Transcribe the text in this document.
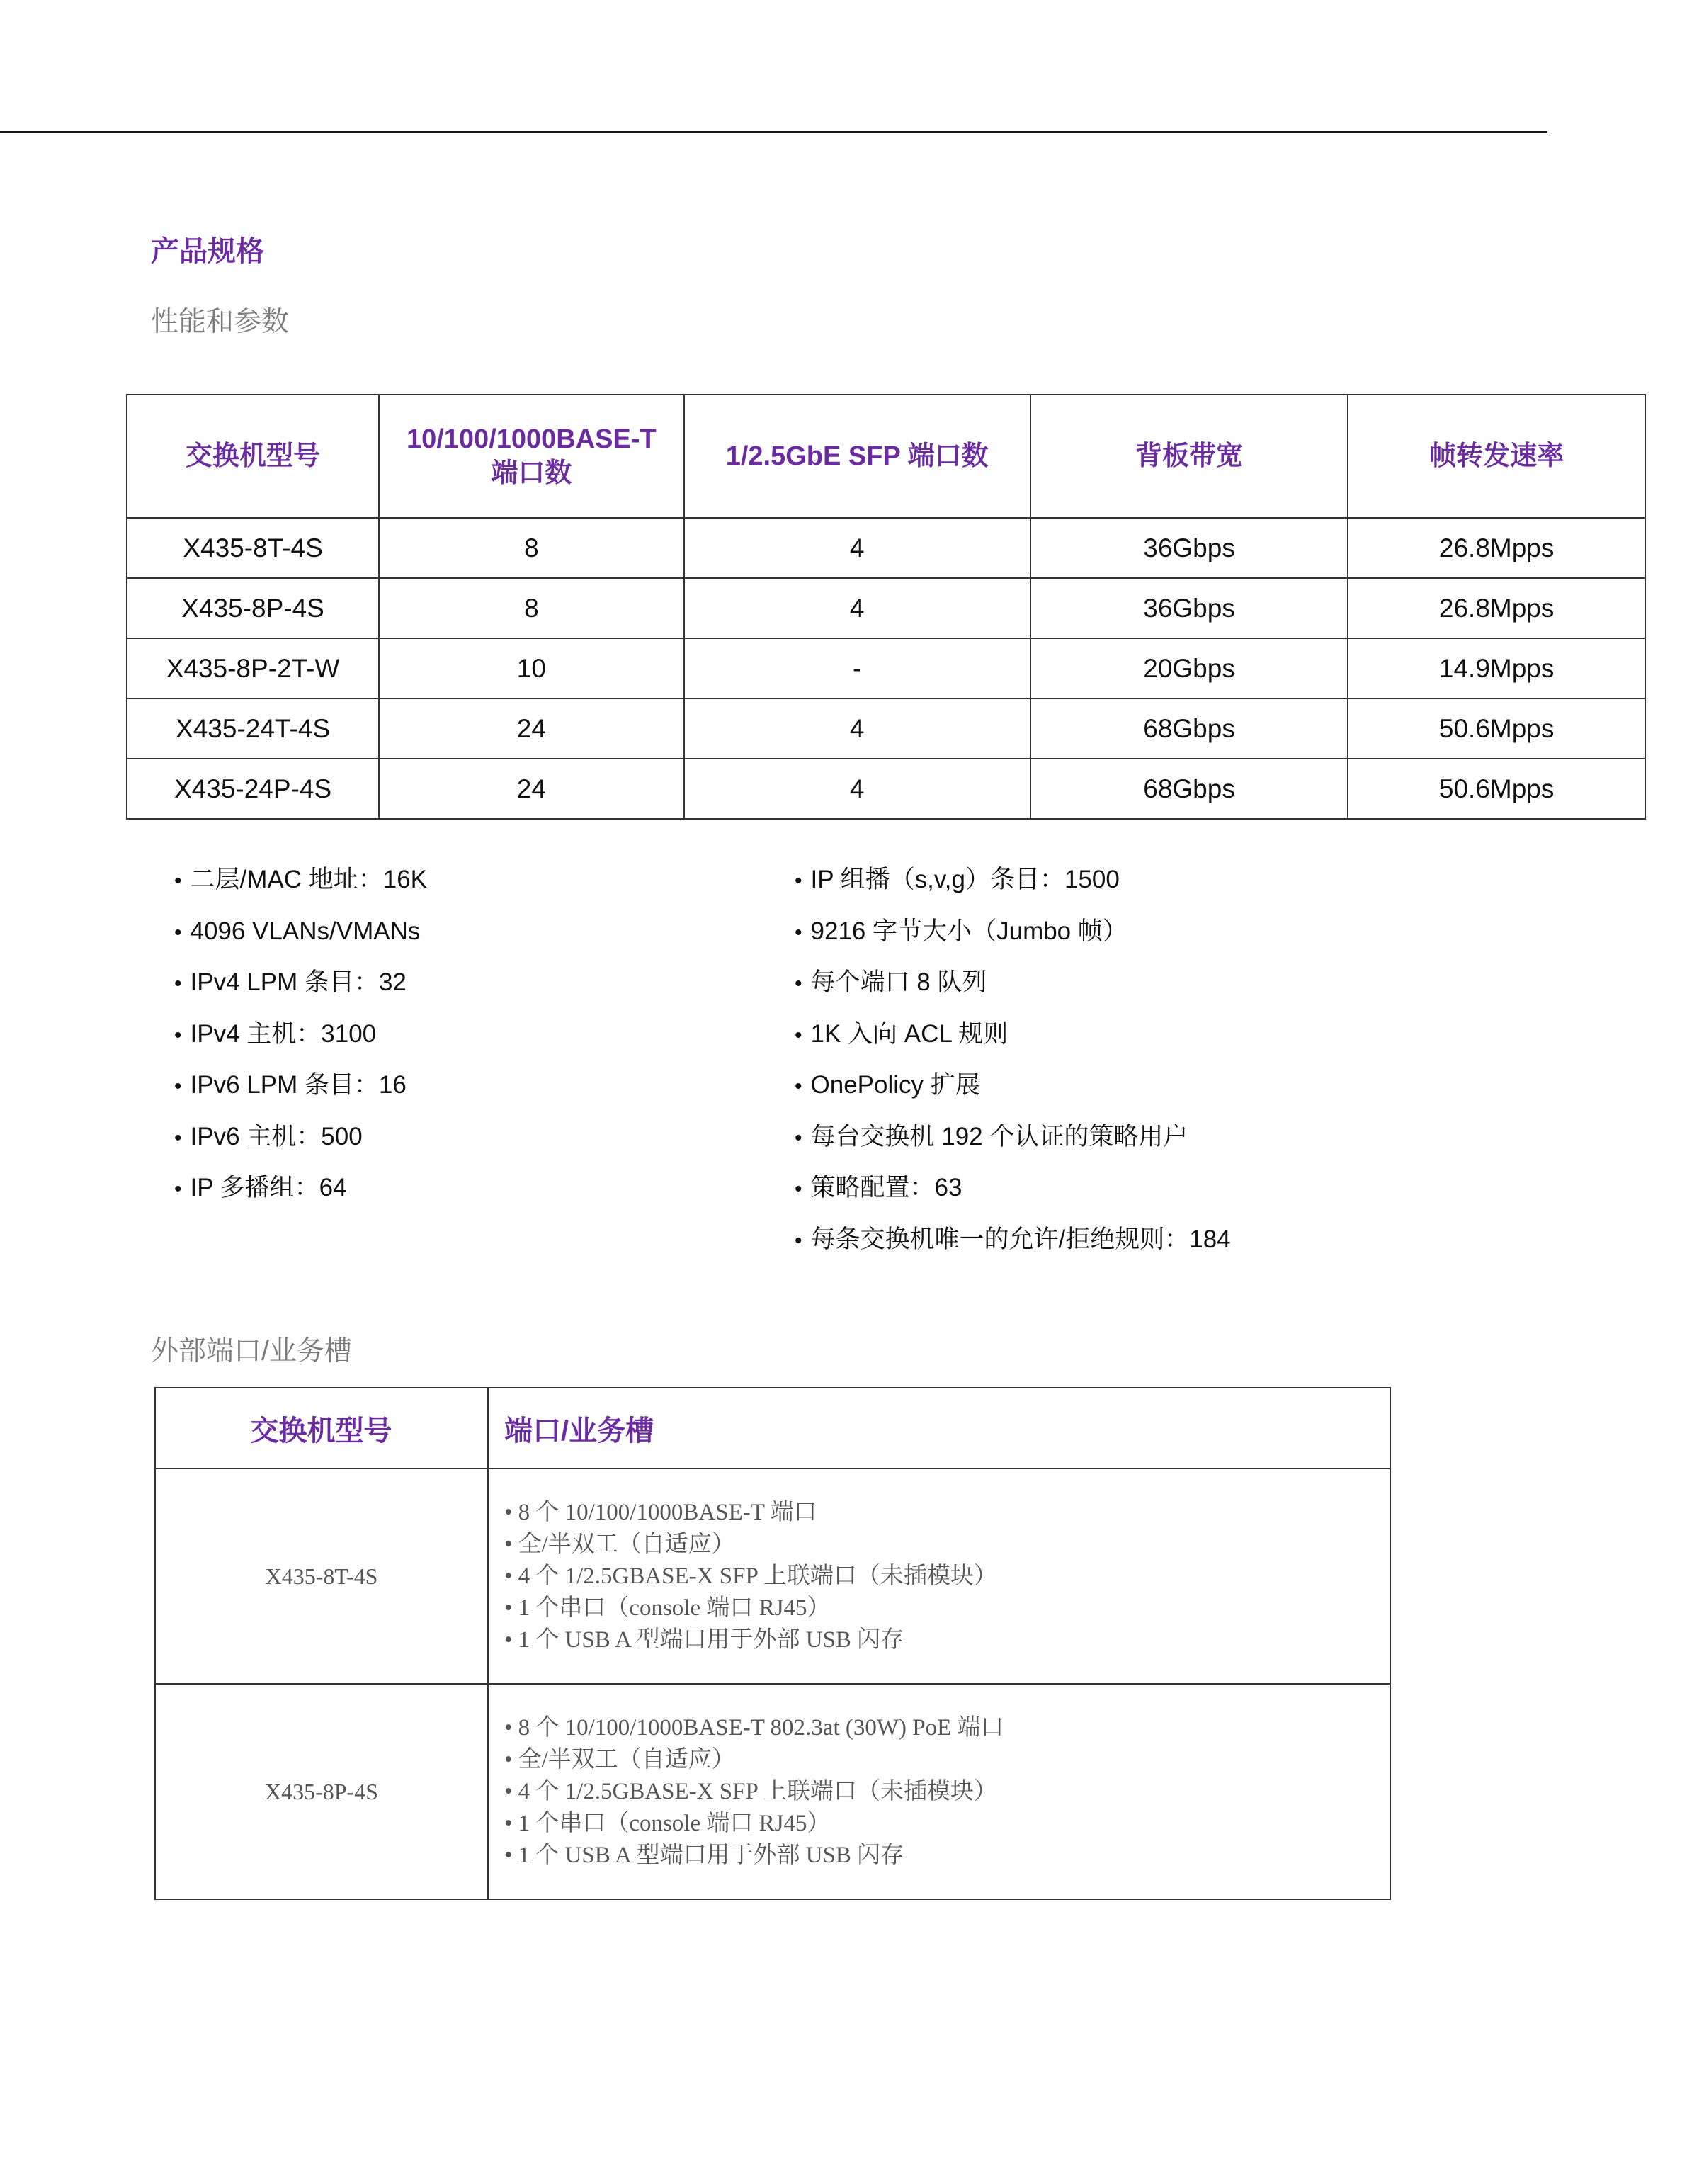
产品规格
性能和参数
交换机型号	10/100/1000BASE-T 端口数	1/2.5GbE SFP 端口数	背板带宽	帧转发速率
X435-8T-4S	8	4	36Gbps	26.8Mpps
X435-8P-4S	8	4	36Gbps	26.8Mpps
X435-8P-2T-W	10	-	20Gbps	14.9Mpps
X435-24T-4S	24	4	68Gbps	50.6Mpps
X435-24P-4S	24	4	68Gbps	50.6Mpps
• 二层/MAC 地址：16K
• 4096 VLANs/VMANs
• IPv4 LPM 条目：32
• IPv4 主机：3100
• IPv6 LPM 条目：16
• IPv6 主机：500
• IP 多播组：64
• IP 组播（s,v,g）条目：1500
• 9216 字节大小（Jumbo 帧）
• 每个端口 8 队列
• 1K 入向 ACL 规则
• OnePolicy 扩展
• 每台交换机 192 个认证的策略用户
• 策略配置：63
• 每条交换机唯一的允许/拒绝规则：184
外部端口/业务槽
交换机型号	端口/业务槽
X435-8T-4S	• 8 个 10/100/1000BASE-T 端口
• 全/半双工（自适应）
• 4 个 1/2.5GBASE-X SFP 上联端口（未插模块）
• 1 个串口（console 端口 RJ45）
• 1 个 USB A 型端口用于外部 USB 闪存

X435-8P-4S	• 8 个 10/100/1000BASE-T 802.3at (30W) PoE 端口
• 全/半双工（自适应）
• 4 个 1/2.5GBASE-X SFP 上联端口（未插模块）
• 1 个串口（console 端口 RJ45）
• 1 个 USB A 型端口用于外部 USB 闪存
